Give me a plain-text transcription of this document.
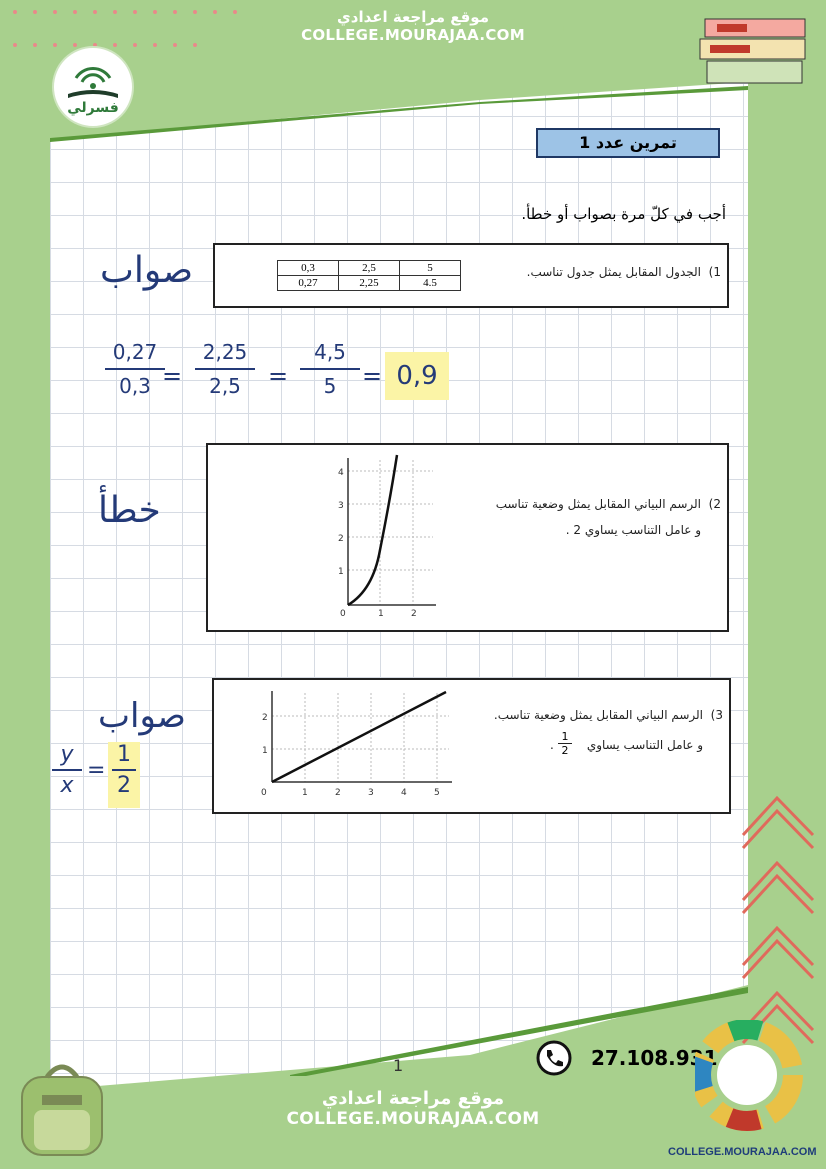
موقع مراجعة اعدادي
COLLEGE.MOURAJAA.COM
فسرلي
تمرين عدد 1
أجب في كلّ مرة بصواب أو خطأ.
1)
الجدول المقابل يمثل جدول تناسب.
0,3	2,5	5
0,27	2,25	4.5
صواب
0,27
0,3 =
2,25
2,5	=
4,5
5	= 0,9
2)
الرسم البياني المقابل يمثل وضعية تناسب
و عامل التناسب يساوي 2 .
0	1	2
1
2
3
4
خطأ
3)
الرسم البياني المقابل يمثل وضعية تناسب.
و عامل التناسب يساوي
1
2
.
0	1	2	3	4	5
1
2
صواب
y
x
=
1
2
27.108.931
1
موقع مراجعة اعدادي
COLLEGE.MOURAJAA.COM
COLLEGE.MOURAJAA.COM
